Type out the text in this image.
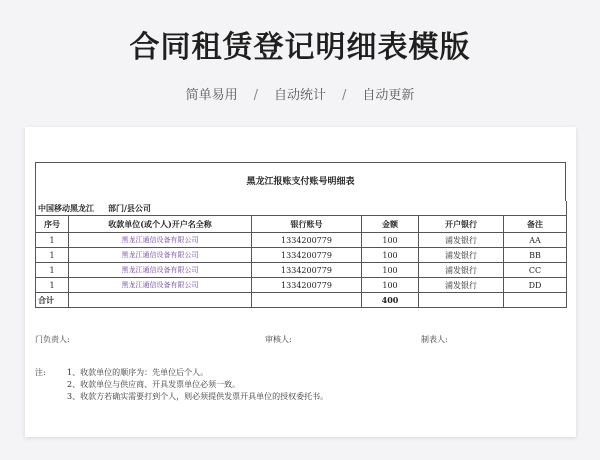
合同租赁登记明细表模版
简单易用 / 自动统计 / 自动更新
黑龙江报账支付账号明细表
中国移动黑龙江 部门/县公司					
序号	收款单位(或个人)开户名全称	银行账号	金额	开户银行	备注
1	黑龙江通信设备有限公司	1334200779	100	浦发银行	AA
1	黑龙江通信设备有限公司	1334200779	100	浦发银行	BB
1	黑龙江通信设备有限公司	1334200779	100	浦发银行	CC
1	黑龙江通信设备有限公司	1334200779	100	浦发银行	DD
合计			400		
门负责人:	审核人:	制表人:
注:	1、收款单位的顺序为：先单位后个人。
2、收款单位与供应商、开具发票单位必须一致。
3、收款方若确实需要打到个人，则必须提供发票开具单位的授权委托书。
